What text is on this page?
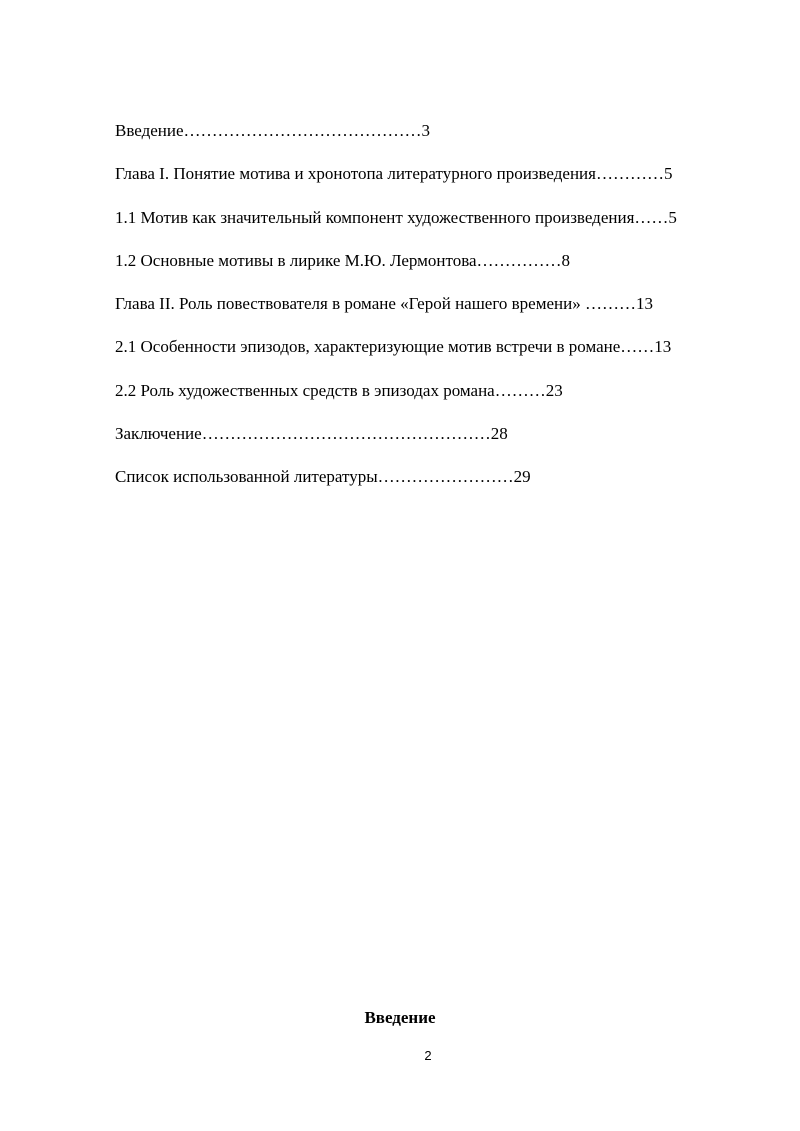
Введение……………………………………3

Глава I. Понятие мотива и хронотопа литературного произведения…………5

1.1 Мотив как значительный компонент художественного произведения……5

1.2 Основные мотивы в лирике М.Ю. Лермонтова……………8

Глава II. Роль повествователя в романе «Герой нашего времени» ………13

2.1 Особенности эпизодов, характеризующие мотив встречи в романе……13

2.2 Роль художественных средств в эпизодах романа………23

Заключение……………………………………………28

Список использованной литературы……………………29

Введение
2
